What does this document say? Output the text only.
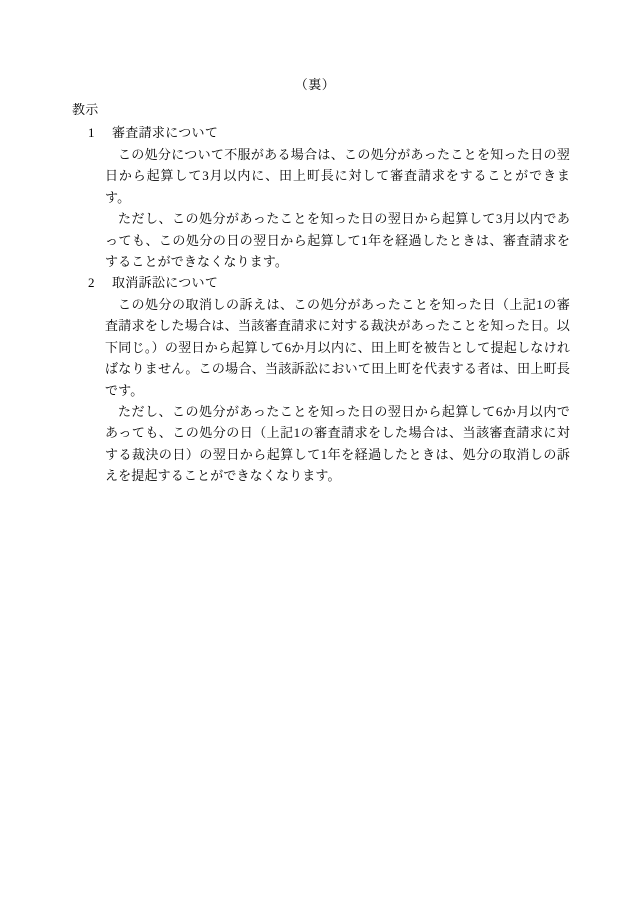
（裏）
教示

1 審査請求について

この処分について不服がある場合は、この処分があったことを知った日の翌日から起算して3月以内に、田上町長に対して審査請求をすることができます。

ただし、この処分があったことを知った日の翌日から起算して3月以内であっても、この処分の日の翌日から起算して1年を経過したときは、審査請求をすることができなくなります。

2 取消訴訟について

この処分の取消しの訴えは、この処分があったことを知った日（上記1の審査請求をした場合は、当該審査請求に対する裁決があったことを知った日。以下同じ。）の翌日から起算して6か月以内に、田上町を被告として提起しなければなりません。この場合、当該訴訟において田上町を代表する者は、田上町長です。

ただし、この処分があったことを知った日の翌日から起算して6か月以内であっても、この処分の日（上記1の審査請求をした場合は、当該審査請求に対する裁決の日）の翌日から起算して1年を経過したときは、処分の取消しの訴えを提起することができなくなります。
